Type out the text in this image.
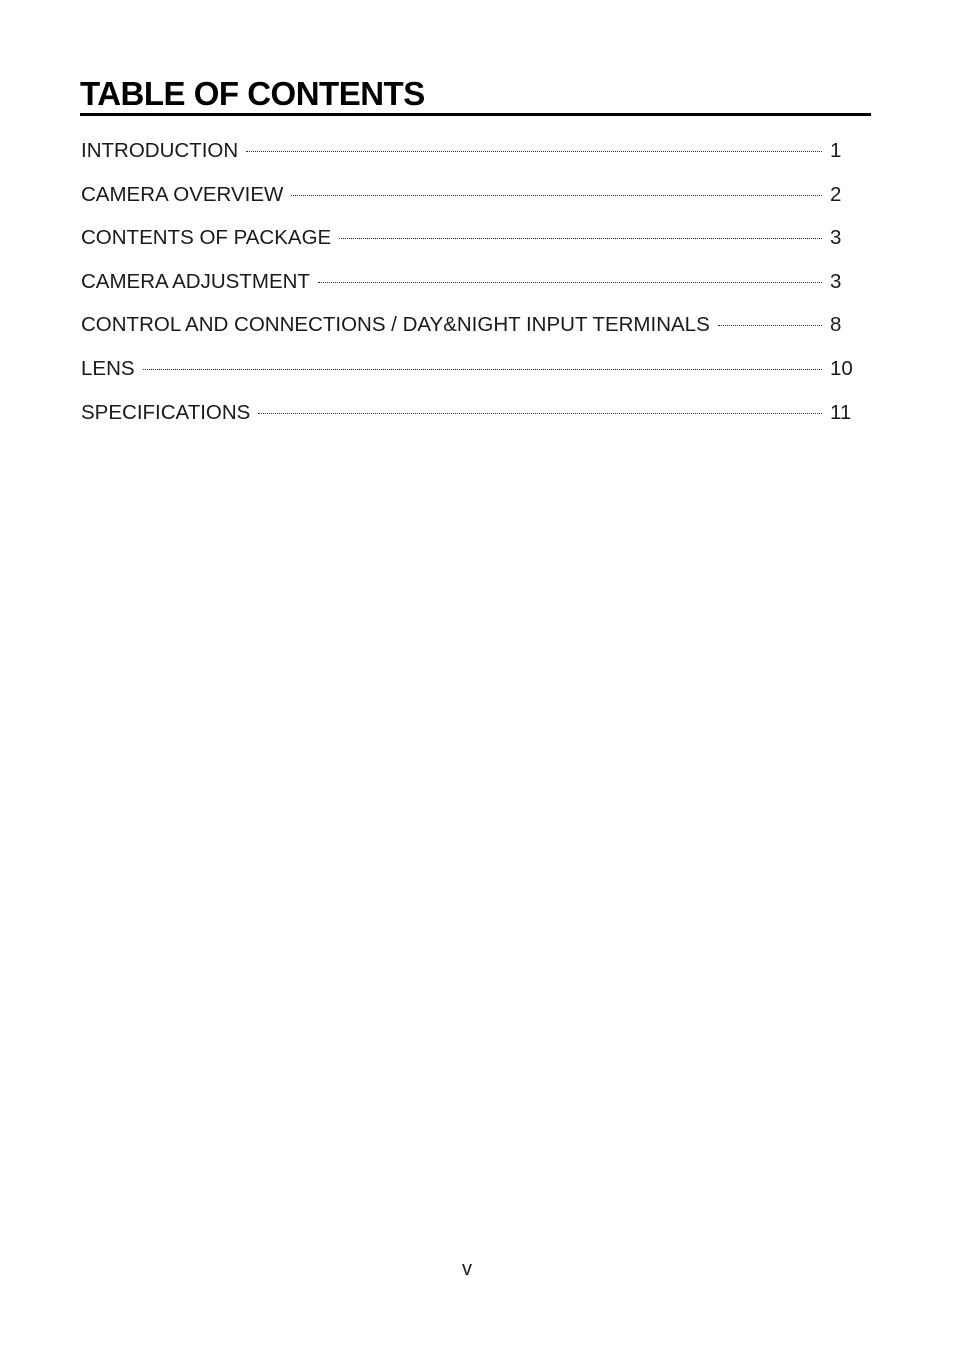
TABLE OF CONTENTS
INTRODUCTION	1
CAMERA OVERVIEW	2
CONTENTS OF PACKAGE	3
CAMERA ADJUSTMENT	3
CONTROL AND CONNECTIONS / DAY&NIGHT INPUT TERMINALS	8
LENS	10
SPECIFICATIONS	11
v
